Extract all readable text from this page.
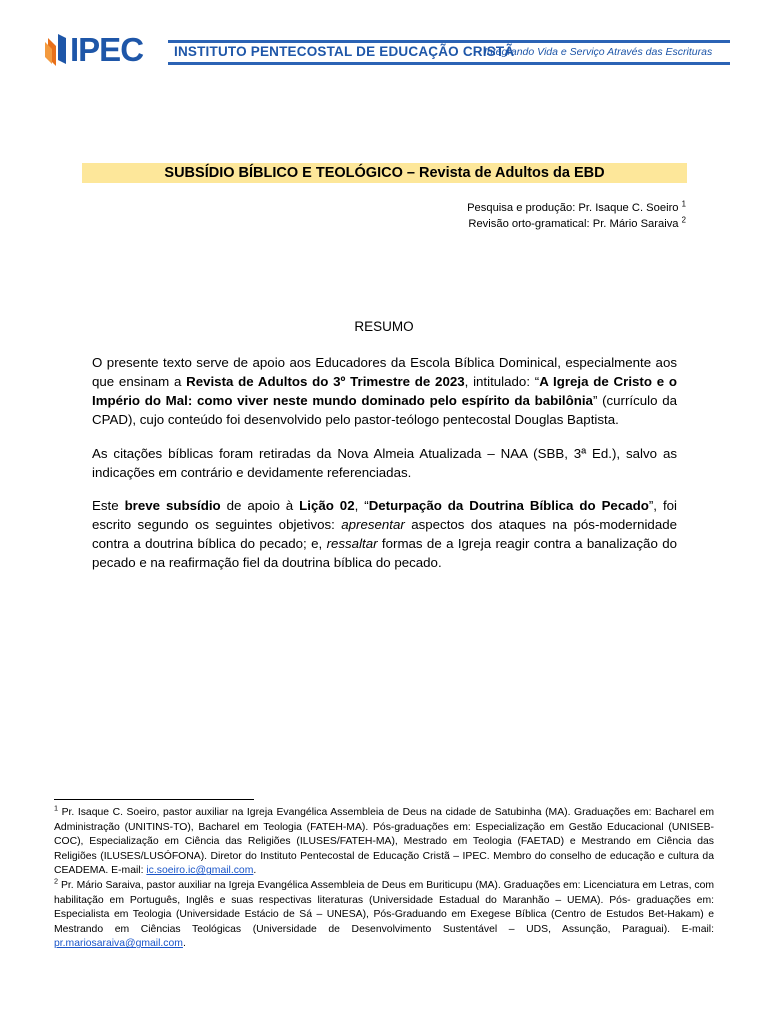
IPEC INSTITUTO PENTECOSTAL DE EDUCAÇÃO CRISTÃ
Integrando Vida e Serviço Através das Escrituras
SUBSÍDIO BÍBLICO E TEOLÓGICO – Revista de Adultos da EBD
Pesquisa e produção: Pr. Isaque C. Soeiro $^1$
Revisão orto-gramatical: Pr. Mário Saraiva $^2$
RESUMO
O presente texto serve de apoio aos Educadores da Escola Bíblica Dominical, especialmente aos que ensinam a Revista de Adultos do 3º Trimestre de 2023, intitulado: “A Igreja de Cristo e o Império do Mal: como viver neste mundo dominado pelo espírito da babilônia” (currículo da CPAD), cujo conteúdo foi desenvolvido pelo pastor-teólogo pentecostal Douglas Baptista.
As citações bíblicas foram retiradas da Nova Almeia Atualizada – NAA (SBB, 3ª Ed.), salvo as indicações em contrário e devidamente referenciadas.
Este breve subsídio de apoio à Lição 02, “Deturpação da Doutrina Bíblica do Pecado”, foi escrito segundo os seguintes objetivos: apresentar aspectos dos ataques na pós-modernidade contra a doutrina bíblica do pecado; e, ressaltar formas de a Igreja reagir contra a banalização do pecado e na reafirmação fiel da doutrina bíblica do pecado.

$^1$ Pr. Isaque C. Soeiro, pastor auxiliar na Igreja Evangélica Assembleia de Deus na cidade de Satubinha (MA). Graduações em: Bacharel em Administração (UNITINS-TO), Bacharel em Teologia (FATEH-MA). Pós-graduações em: Especialização em Gestão Educacional (UNISEB-COC), Especialização em Ciência das Religiões (ILUSES/FATEH-MA), Mestrado em Teologia (FAETAD) e Mestrando em Ciência das Religiões (ILUSES/LUSÓFONA). Diretor do Instituto Pentecostal de Educação Cristã – IPEC. Membro do conselho de educação e cultura da CEADEMA. E-mail: ic.soeiro.ic@gmail.com.

$^2$ Pr. Mário Saraiva, pastor auxiliar na Igreja Evangélica Assembleia de Deus em Buriticupu (MA). Graduações em: Licenciatura em Letras, com habilitação em Português, Inglês e suas respectivas literaturas (Universidade Estadual do Maranhão – UEMA). Pós- graduações em: Especialista em Teologia (Universidade Estácio de Sá – UNESA), Pós-Graduando em Exegese Bíblica (Centro de Estudos Bet-Hakam) e Mestrando em Ciências Teológicas (Universidade de Desenvolvimento Sustentável – UDS, Assunção, Paraguai). E-mail: pr.mariosaraiva@gmail.com.
